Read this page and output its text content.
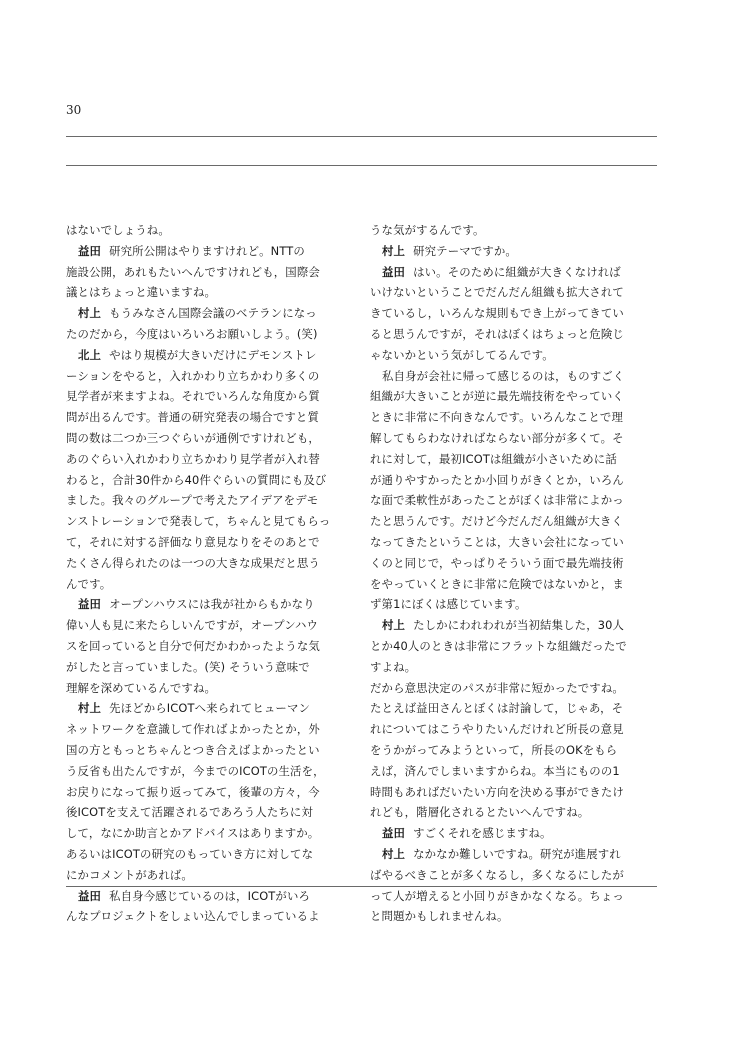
30
はないでしょうね。
益田 研究所公開はやりますけれど。NTTの
施設公開，あれもたいへんですけれども，国際会
議とはちょっと違いますね。
村上 もうみなさん国際会議のベテランになっ
たのだから，今度はいろいろお願いしよう。(笑)
北上 やはり規模が大きいだけにデモンストレ
ーションをやると，入れかわり立ちかわり多くの
見学者が来ますよね。それでいろんな角度から質
問が出るんです。普通の研究発表の場合ですと質
問の数は二つか三つぐらいが通例ですけれども，
あのぐらい入れかわり立ちかわり見学者が入れ替
わると，合計30件から40件ぐらいの質問にも及び
ました。我々のグループで考えたアイデアをデモ
ンストレーションで発表して，ちゃんと見てもらっ
て，それに対する評価なり意見なりをそのあとで
たくさん得られたのは一つの大きな成果だと思う
んです。
益田 オープンハウスには我が社からもかなり
偉い人も見に来たらしいんですが，オープンハウ
スを回っていると自分で何だかわかったような気
がしたと言っていました。(笑) そういう意味で
理解を深めているんですね。
村上 先ほどからICOTへ来られてヒューマン
ネットワークを意識して作ればよかったとか，外
国の方ともっとちゃんとつき合えばよかったとい
う反省も出たんですが，今までのICOTの生活を，
お戻りになって振り返ってみて，後輩の方々，今
後ICOTを支えて活躍されるであろう人たちに対
して，なにか助言とかアドバイスはありますか。
あるいはICOTの研究のもっていき方に対してな
にかコメントがあれば。
益田 私自身今感じているのは，ICOTがいろ
んなプロジェクトをしょい込んでしまっているよ
うな気がするんです。
村上 研究テーマですか。
益田 はい。そのために組織が大きくなければ
いけないということでだんだん組織も拡大されて
きているし，いろんな規則もでき上がってきてい
ると思うんですが，それはぼくはちょっと危険じ
ゃないかという気がしてるんです。
私自身が会社に帰って感じるのは，ものすごく
組織が大きいことが逆に最先端技術をやっていく
ときに非常に不向きなんです。いろんなことで理
解してもらわなければならない部分が多くて。そ
れに対して，最初ICOTは組織が小さいために話
が通りやすかったとか小回りがきくとか，いろん
な面で柔軟性があったことがぼくは非常によかっ
たと思うんです。だけど今だんだん組織が大きく
なってきたということは，大きい会社になってい
くのと同じで，やっぱりそういう面で最先端技術
をやっていくときに非常に危険ではないかと，ま
ず第1にぼくは感じています。
村上 たしかにわれわれが当初結集した，30人
とか40人のときは非常にフラットな組織だったで
すよね。
だから意思決定のパスが非常に短かったですね。
たとえば益田さんとぼくは討論して，じゃあ，そ
れについてはこうやりたいんだけれど所長の意見
をうかがってみようといって，所長のOKをもら
えば，済んでしまいますからね。本当にものの1
時間もあればだいたい方向を決める事ができたけ
れども，階層化されるとたいへんですね。
益田 すごくそれを感じますね。
村上 なかなか難しいですね。研究が進展すれ
ばやるべきことが多くなるし，多くなるにしたが
って人が増えると小回りがきかなくなる。ちょっ
と問題かもしれませんね。
